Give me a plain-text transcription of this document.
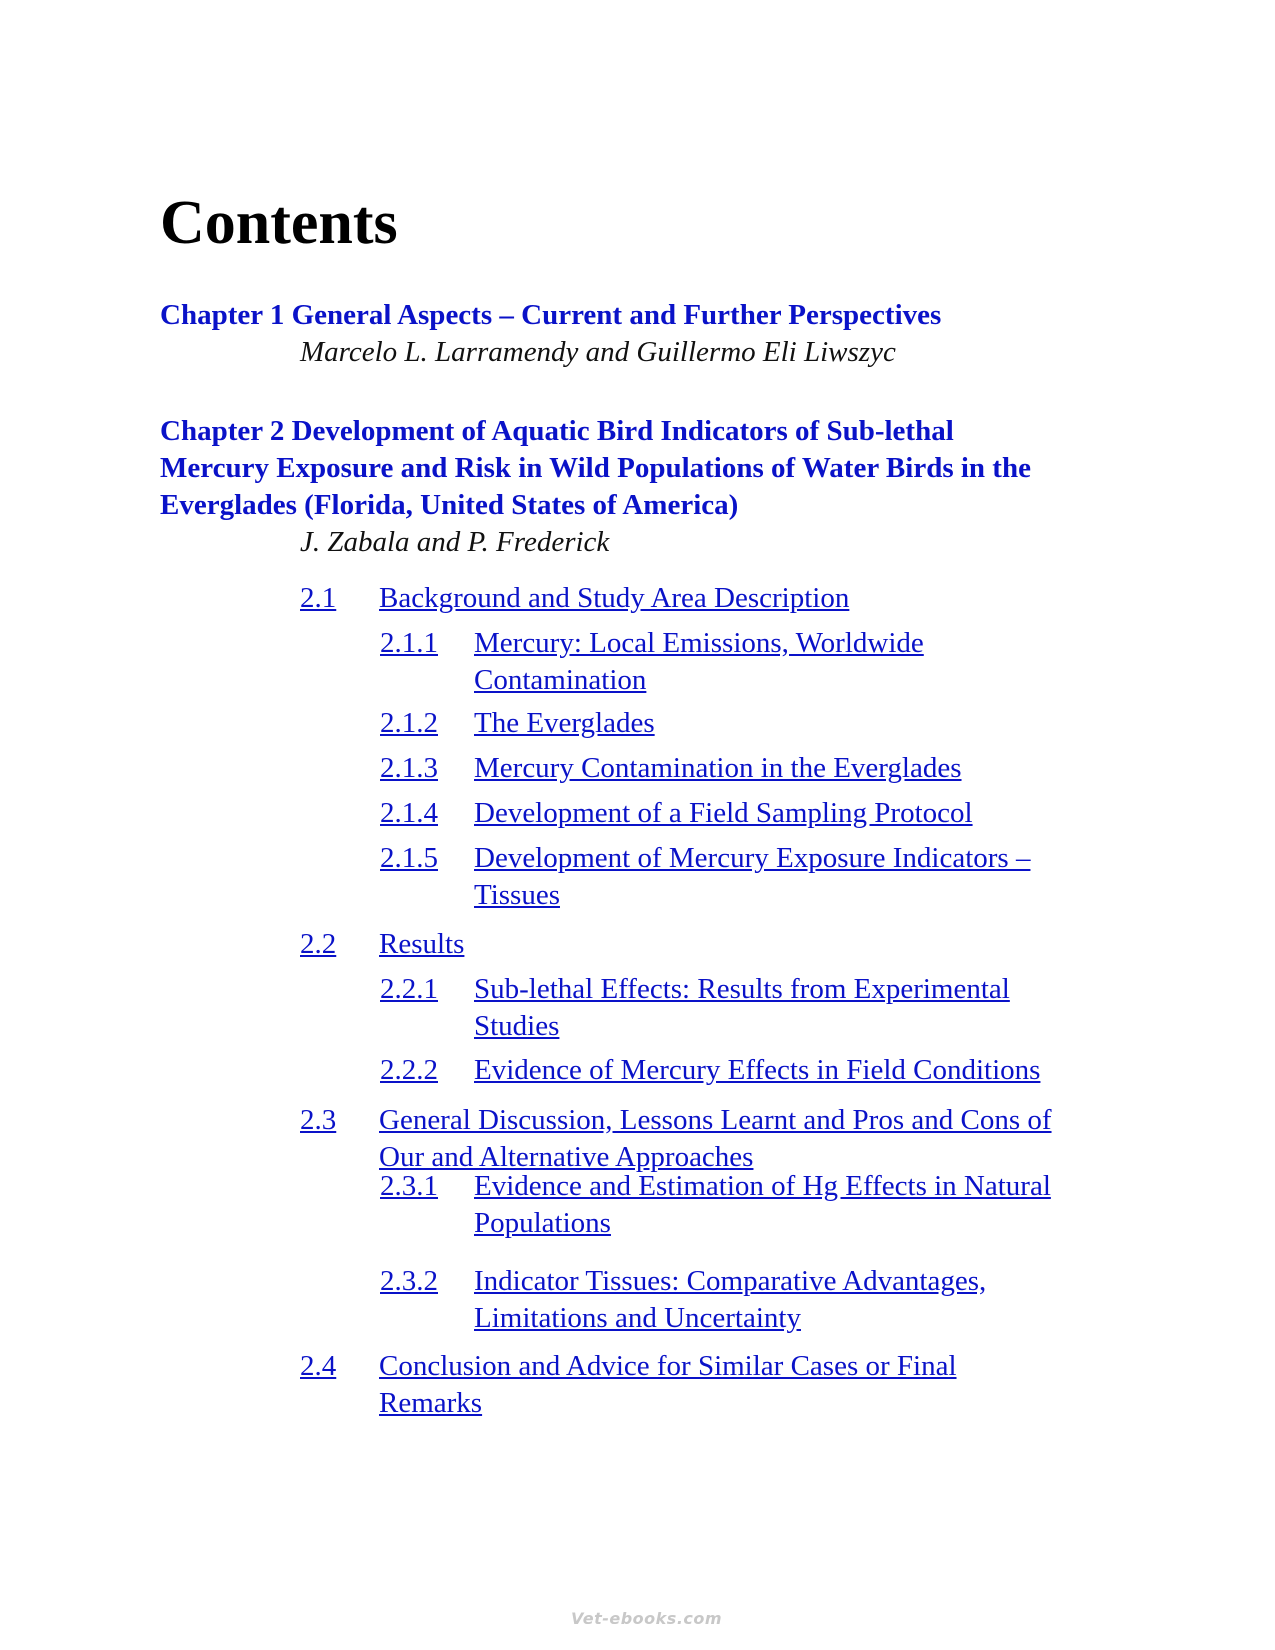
Contents
Chapter 1 General Aspects – Current and Further Perspectives
Marcelo L. Larramendy and Guillermo Eli Liwszyc
Chapter 2 Development of Aquatic Bird Indicators of Sub-lethal
Mercury Exposure and Risk in Wild Populations of Water Birds in the
Everglades (Florida, United States of America)
J. Zabala and P. Frederick
2.1	Background and Study Area Description
2.1.1	Mercury: Local Emissions, Worldwide
Contamination
2.1.2	The Everglades
2.1.3	Mercury Contamination in the Everglades
2.1.4	Development of a Field Sampling Protocol
2.1.5	Development of Mercury Exposure Indicators –
Tissues
2.2	Results
2.2.1	Sub-lethal Effects: Results from Experimental
Studies
2.2.2	Evidence of Mercury Effects in Field Conditions
2.3	General Discussion, Lessons Learnt and Pros and Cons of
Our and Alternative Approaches
2.3.1	Evidence and Estimation of Hg Effects in Natural
Populations
2.3.2	Indicator Tissues: Comparative Advantages,
Limitations and Uncertainty
2.4	Conclusion and Advice for Similar Cases or Final
Remarks
Vet-ebooks.com
